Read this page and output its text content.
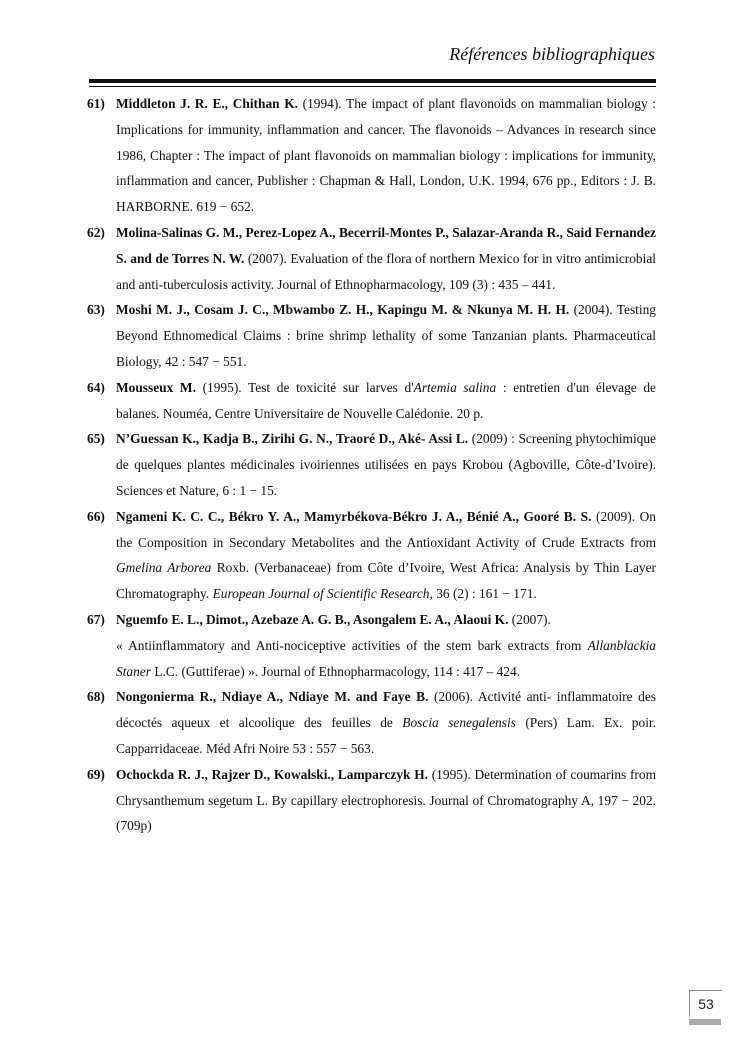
Références bibliographiques
61) Middleton J. R. E., Chithan K. (1994). The impact of plant flavonoids on mammalian biology : Implications for immunity, inflammation and cancer. The flavonoids – Advances in research since 1986, Chapter : The impact of plant flavonoids on mammalian biology : implications for immunity, inflammation and cancer, Publisher : Chapman & Hall, London, U.K. 1994, 676 pp., Editors : J. B. HARBORNE. 619 − 652.
62) Molina-Salinas G. M., Perez-Lopez A., Becerril-Montes P., Salazar-Aranda R., Said Fernandez S. and de Torres N. W. (2007). Evaluation of the flora of northern Mexico for in vitro antimicrobial and anti-tuberculosis activity. Journal of Ethnopharmacology, 109 (3) : 435 – 441.
63) Moshi M. J., Cosam J. C., Mbwambo Z. H., Kapingu M. & Nkunya M. H. H. (2004). Testing Beyond Ethnomedical Claims : brine shrimp lethality of some Tanzanian plants. Pharmaceutical Biology, 42 : 547 − 551.
64) Mousseux M. (1995). Test de toxicité sur larves d'Artemia salina : entretien d'un élevage de balanes. Nouméa, Centre Universitaire de Nouvelle Calédonie. 20 p.
65) N’Guessan K., Kadja B., Zirihi G. N., Traoré D., Aké- Assi L. (2009) : Screening phytochimique de quelques plantes médicinales ivoiriennes utilisées en pays Krobou (Agboville, Côte-d’Ivoire). Sciences et Nature, 6 : 1 − 15.
66) Ngameni K. C. C., Békro Y. A., Mamyrbékova-Békro J. A., Bénié A., Gooré B. S. (2009). On the Composition in Secondary Metabolites and the Antioxidant Activity of Crude Extracts from Gmelina Arborea Roxb. (Verbanaceae) from Côte d’Ivoire, West Africa: Analysis by Thin Layer Chromatography. European Journal of Scientific Research, 36 (2) : 161 − 171.
67) Nguemfo E. L., Dimot., Azebaze A. G. B., Asongalem E. A., Alaoui K. (2007).
« Antiinflammatory and Anti-nociceptive activities of the stem bark extracts from Allanblackia Staner L.C. (Guttiferae) ». Journal of Ethnopharmacology, 114 : 417 – 424.
68) Nongonierma R., Ndiaye A., Ndiaye M. and Faye B. (2006). Activité anti- inflammatoire des décoctés aqueux et alcoolique des feuilles de Boscia senegalensis (Pers) Lam. Ex. poir. Capparridaceae. Méd Afri Noire 53 : 557 − 563.
69) Ochockda R. J., Rajzer D., Kowalski., Lamparczyk H. (1995). Determination of coumarins from Chrysanthemum segetum L. By capillary electrophoresis. Journal of Chromatography A, 197 − 202. (709p)
53
